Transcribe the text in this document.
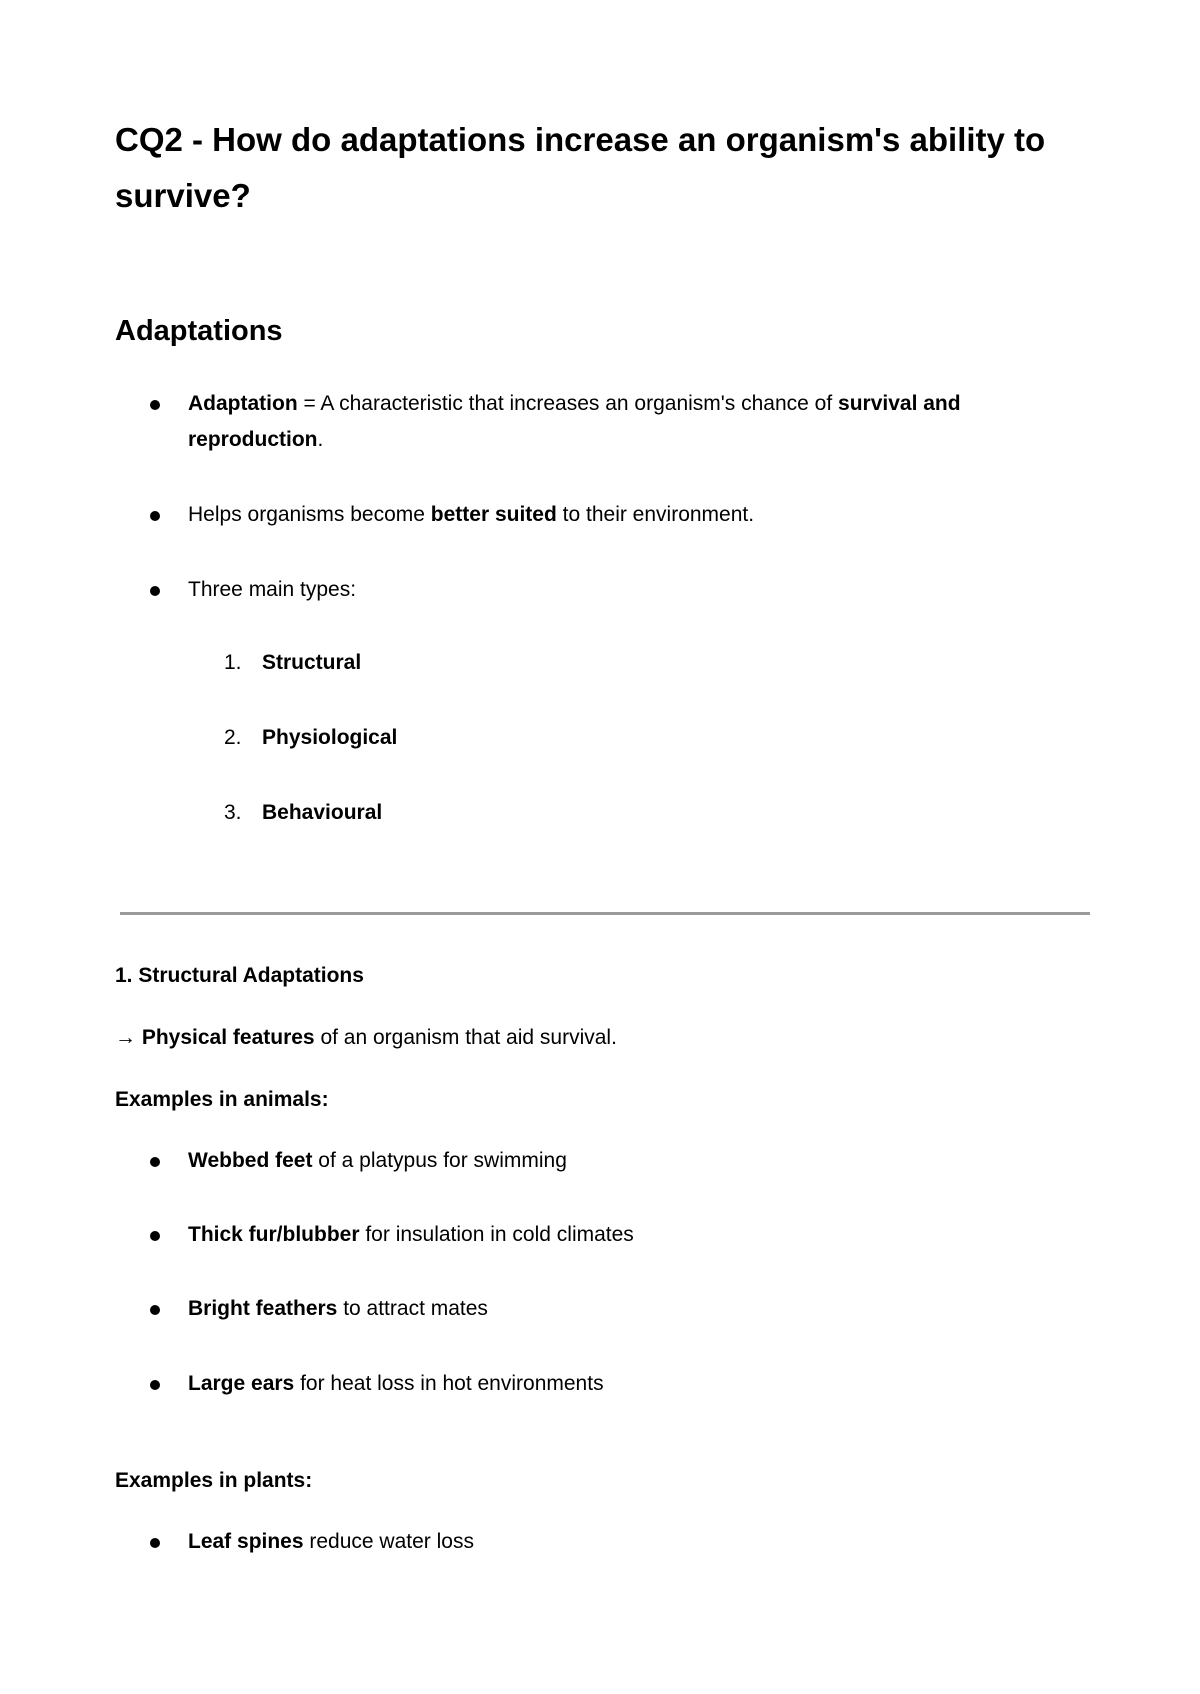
CQ2 - How do adaptations increase an organism's ability to survive?
Adaptations
Adaptation = A characteristic that increases an organism's chance of survival and reproduction.
Helps organisms become better suited to their environment.
Three main types:
1. Structural
2. Physiological
3. Behavioural
1. Structural Adaptations
→ Physical features of an organism that aid survival.
Examples in animals:
Webbed feet of a platypus for swimming
Thick fur/blubber for insulation in cold climates
Bright feathers to attract mates
Large ears for heat loss in hot environments
Examples in plants:
Leaf spines reduce water loss
